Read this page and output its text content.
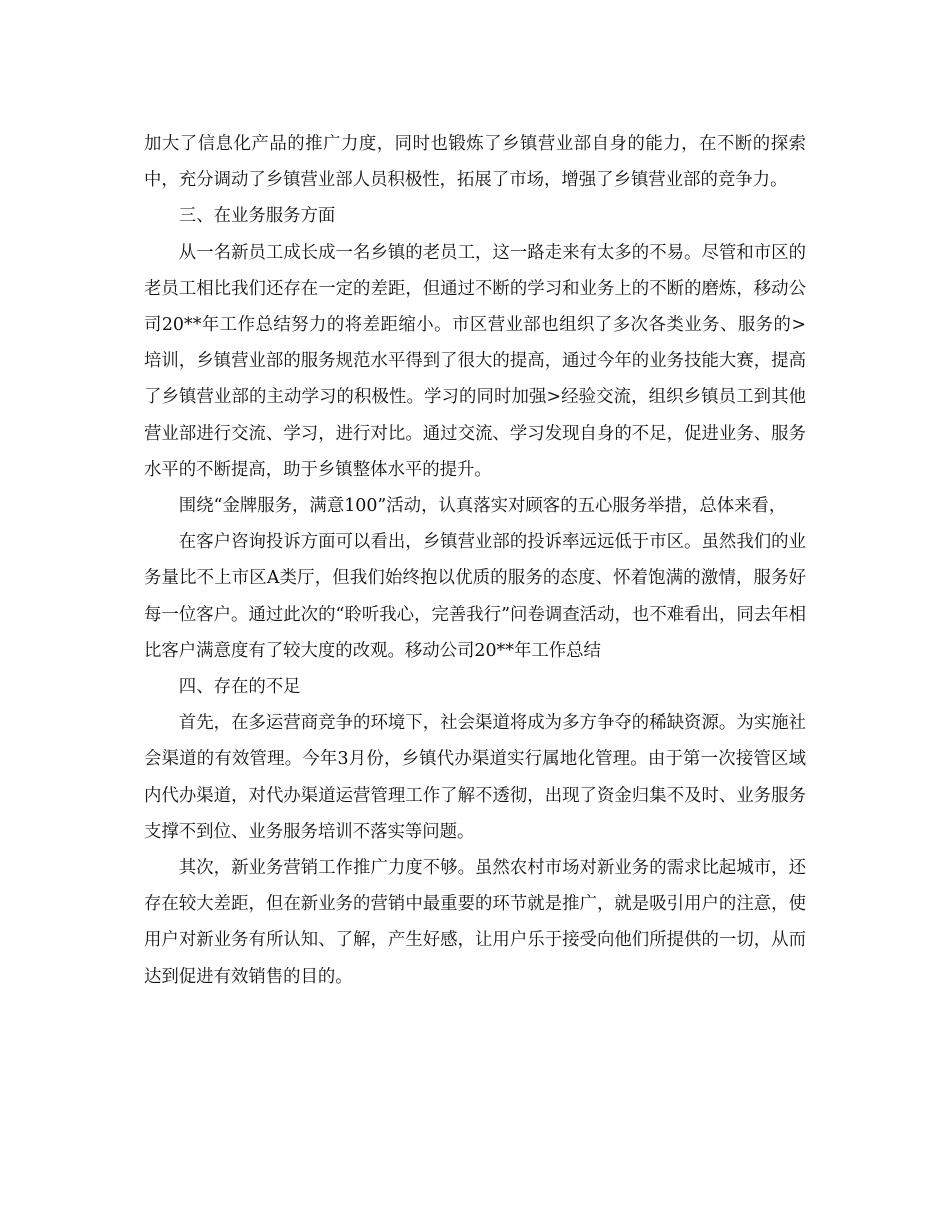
加大了信息化产品的推广力度，同时也锻炼了乡镇营业部自身的能力，在不断的探索中，充分调动了乡镇营业部人员积极性，拓展了市场，增强了乡镇营业部的竞争力。

三、在业务服务方面

从一名新员工成长成一名乡镇的老员工，这一路走来有太多的不易。尽管和市区的老员工相比我们还存在一定的差距，但通过不断的学习和业务上的不断的磨炼，移动公司20**年工作总结努力的将差距缩小。市区营业部也组织了多次各类业务、服务的>培训，乡镇营业部的服务规范水平得到了很大的提高，通过今年的业务技能大赛，提高了乡镇营业部的主动学习的积极性。学习的同时加强>经验交流，组织乡镇员工到其他营业部进行交流、学习，进行对比。通过交流、学习发现自身的不足，促进业务、服务水平的不断提高，助于乡镇整体水平的提升。

围绕“金牌服务，满意100”活动，认真落实对顾客的五心服务举措，总体来看，

在客户咨询投诉方面可以看出，乡镇营业部的投诉率远远低于市区。虽然我们的业务量比不上市区A类厅，但我们始终抱以优质的服务的态度、怀着饱满的激情，服务好每一位客户。通过此次的“聆听我心，完善我行”问卷调查活动，也不难看出，同去年相比客户满意度有了较大度的改观。移动公司20**年工作总结

四、存在的不足

首先，在多运营商竞争的环境下，社会渠道将成为多方争夺的稀缺资源。为实施社会渠道的有效管理。今年3月份，乡镇代办渠道实行属地化管理。由于第一次接管区域内代办渠道，对代办渠道运营管理工作了解不透彻，出现了资金归集不及时、业务服务支撑不到位、业务服务培训不落实等问题。

其次，新业务营销工作推广力度不够。虽然农村市场对新业务的需求比起城市，还存在较大差距，但在新业务的营销中最重要的环节就是推广，就是吸引用户的注意，使用户对新业务有所认知、了解，产生好感，让用户乐于接受向他们所提供的一切，从而达到促进有效销售的目的。
